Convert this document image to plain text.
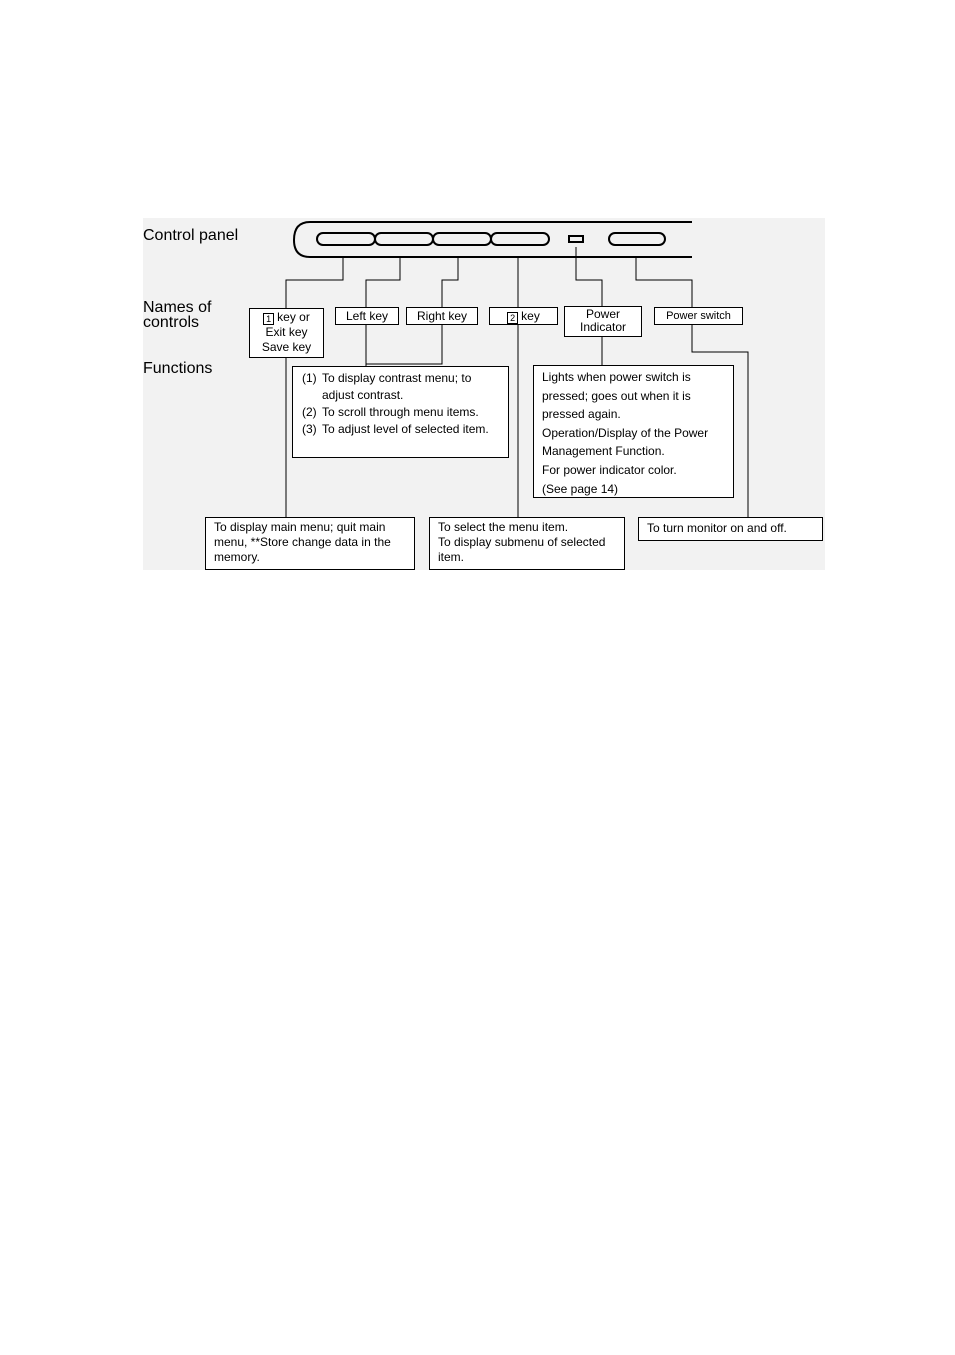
Control panel
Names of
controls
Functions
1 key or
Exit key
Save key
Left key	Right key	2 key	Power
Indicator
Power switch
(1) To display contrast menu; to adjust contrast.
(2) To scroll through menu items.
(3) To adjust level of selected item.
Lights when power switch is
pressed; goes out when it is
pressed again.
Operation/Display of the Power
Management Function.
For power indicator color.
(See page 14)
To display main menu; quit main
menu, **Store change data in the
memory.
To select the menu item.
To display submenu of selected
item.
To turn monitor on and off.
